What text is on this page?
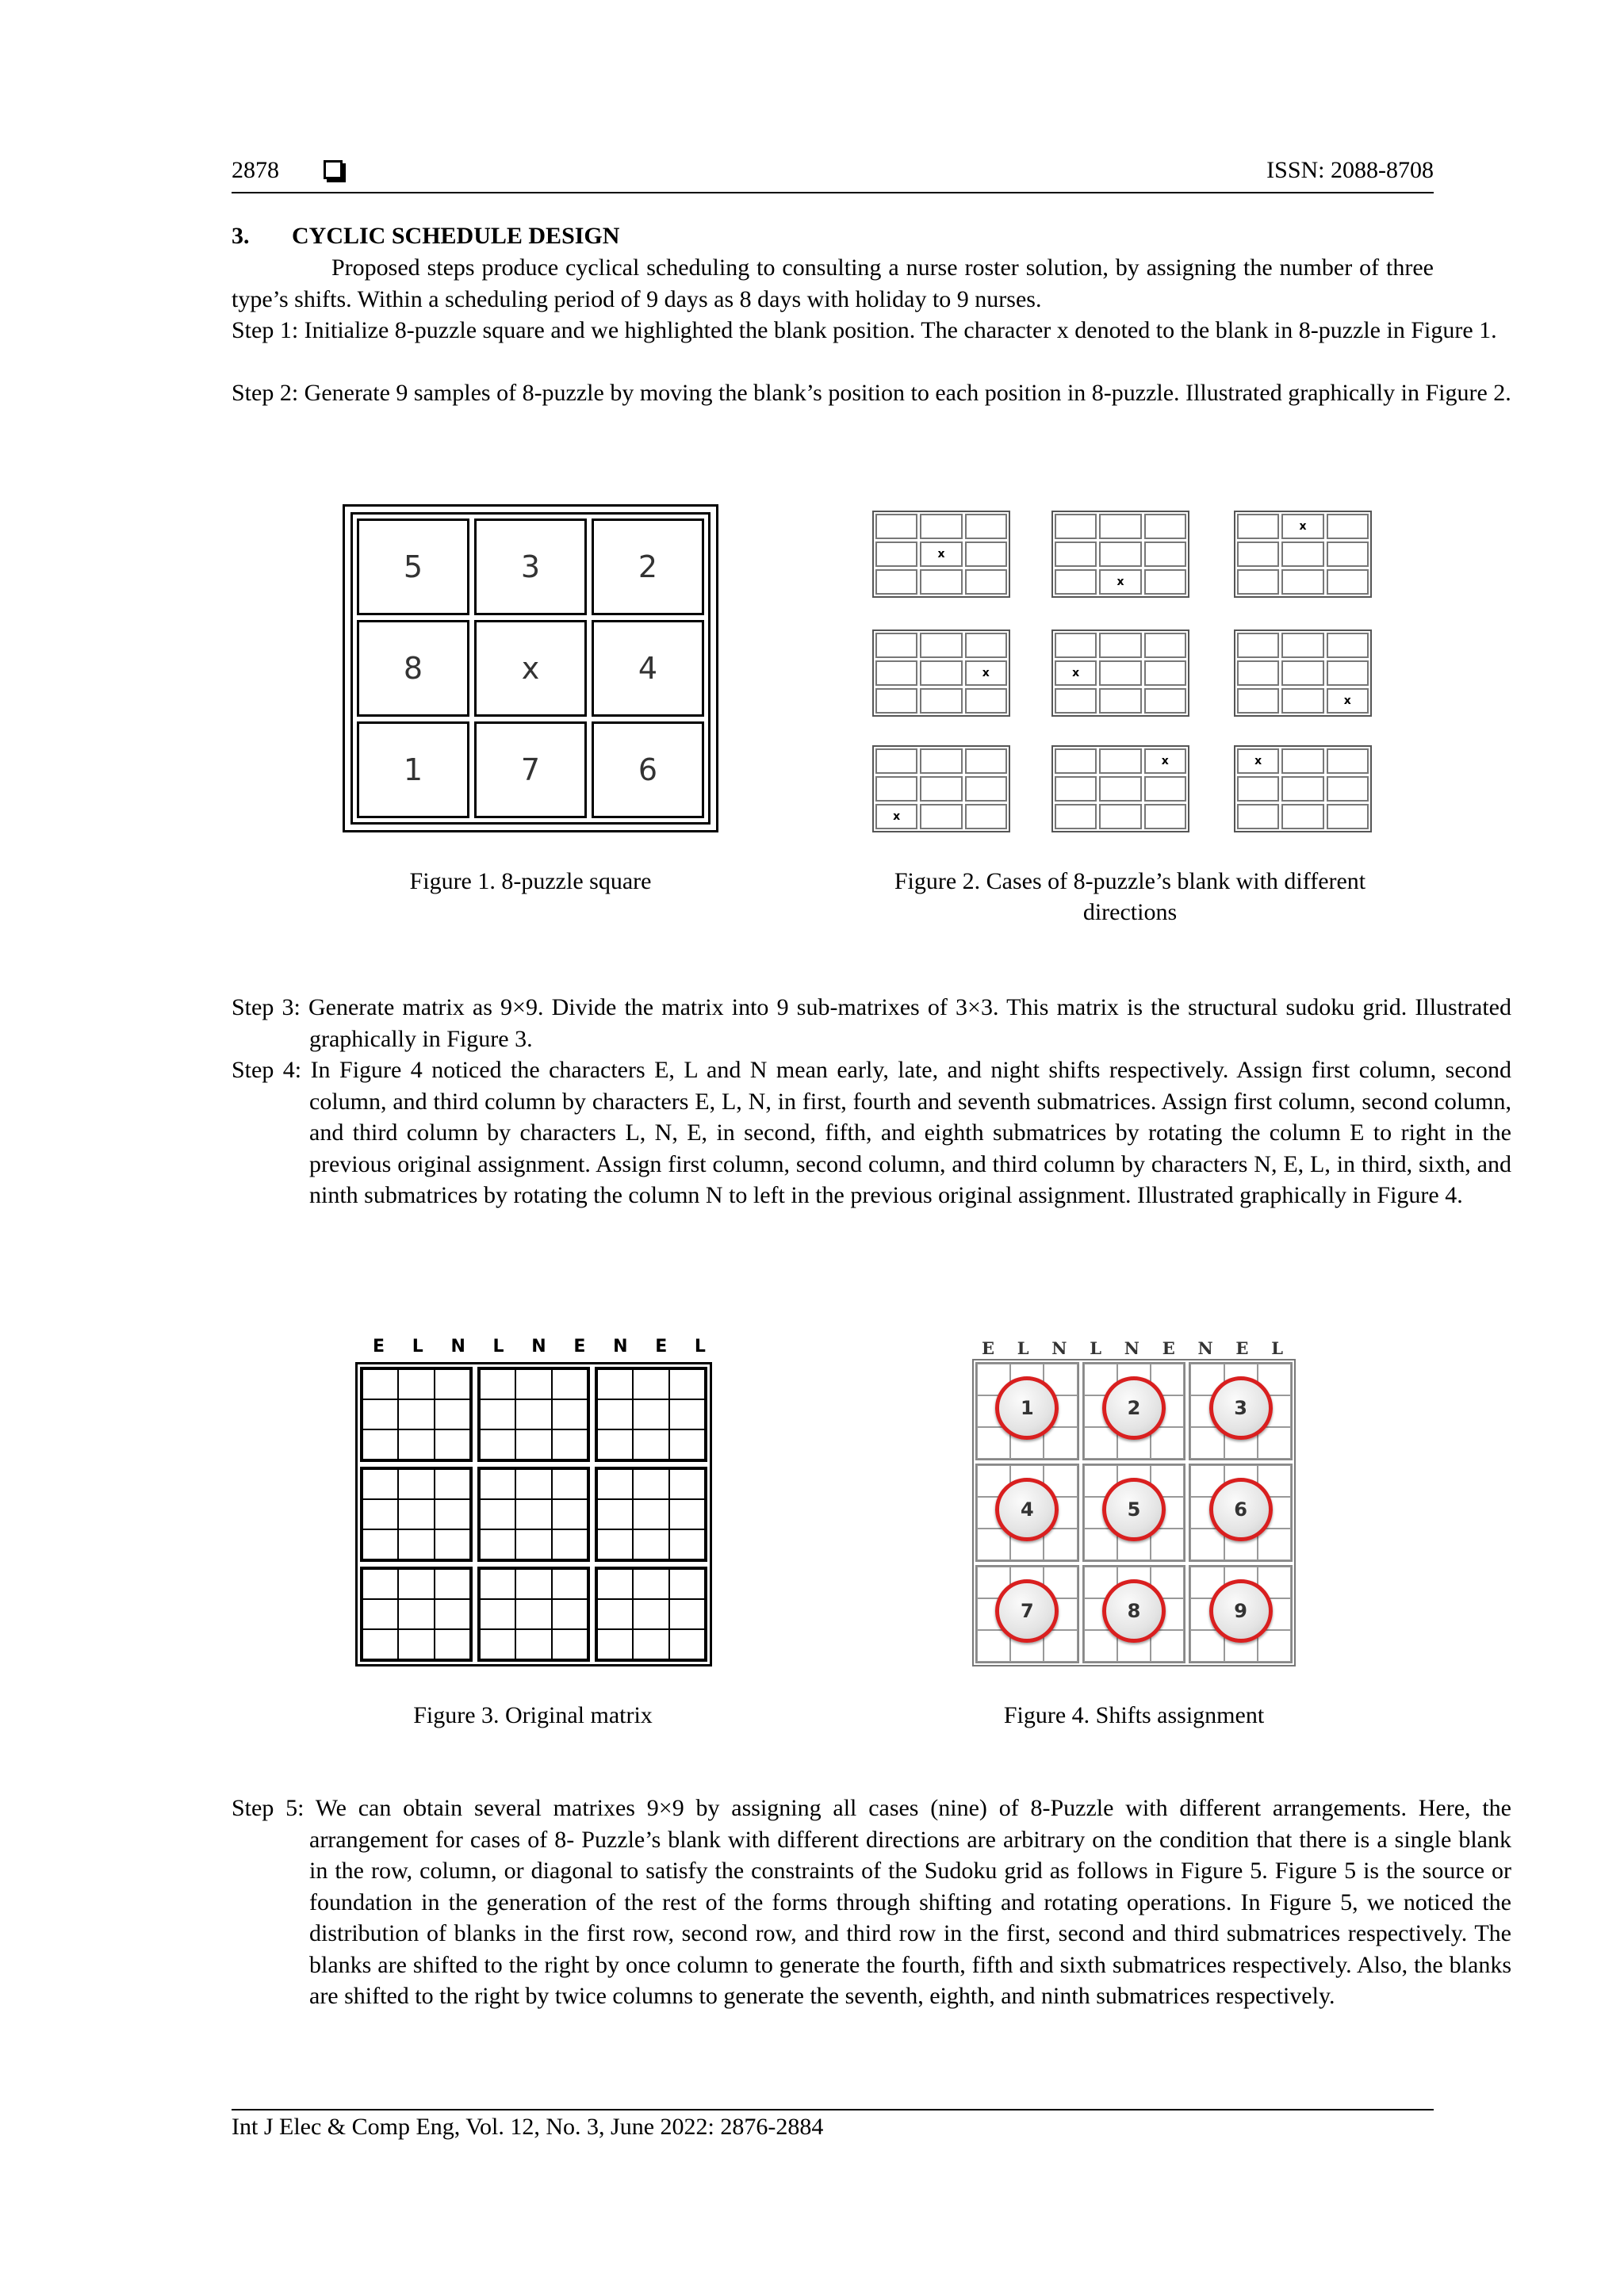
2878	ISSN: 2088-8708
3. CYCLIC SCHEDULE DESIGN
Proposed steps produce cyclical scheduling to consulting a nurse roster solution, by assigning the number of three type’s shifts. Within a scheduling period of 9 days as 8 days with holiday to 9 nurses.
Step 1: Initialize 8-puzzle square and we highlighted the blank position. The character x denoted to the blank in 8-puzzle in Figure 1.
Step 2: Generate 9 samples of 8-puzzle by moving the blank’s position to each position in 8-puzzle. Illustrated graphically in Figure 2.
5	3	2
8	x	4
1	7	6
Figure 1. 8-puzzle square
x
x
x
x	x
x
x
x	x
Figure 2. Cases of 8-puzzle’s blank with different directions
Step 3: Generate matrix as 9×9. Divide the matrix into 9 sub-matrixes of 3×3. This matrix is the structural sudoku grid. Illustrated graphically in Figure 3.
Step 4: In Figure 4 noticed the characters E, L and N mean early, late, and night shifts respectively. Assign first column, second column, and third column by characters E, L, N, in first, fourth and seventh submatrices. Assign first column, second column, and third column by characters L, N, E, in second, fifth, and eighth submatrices by rotating the column E to right in the previous original assignment. Assign first column, second column, and third column by characters N, E, L, in third, sixth, and ninth submatrices by rotating the column N to left in the previous original assignment. Illustrated graphically in Figure 4.
E L N L N E N E L
Figure 3. Original matrix
E L N L N E N E L
1	2	3
4	5	6
7	8	9
Figure 4. Shifts assignment
Step 5: We can obtain several matrixes 9×9 by assigning all cases (nine) of 8-Puzzle with different arrangements. Here, the arrangement for cases of 8- Puzzle’s blank with different directions are arbitrary on the condition that there is a single blank in the row, column, or diagonal to satisfy the constraints of the Sudoku grid as follows in Figure 5. Figure 5 is the source or foundation in the generation of the rest of the forms through shifting and rotating operations. In Figure 5, we noticed the distribution of blanks in the first row, second row, and third row in the first, second and third submatrices respectively. The blanks are shifted to the right by once column to generate the fourth, fifth and sixth submatrices respectively. Also, the blanks are shifted to the right by twice columns to generate the seventh, eighth, and ninth submatrices respectively.
Int J Elec & Comp Eng, Vol. 12, No. 3, June 2022: 2876-2884
